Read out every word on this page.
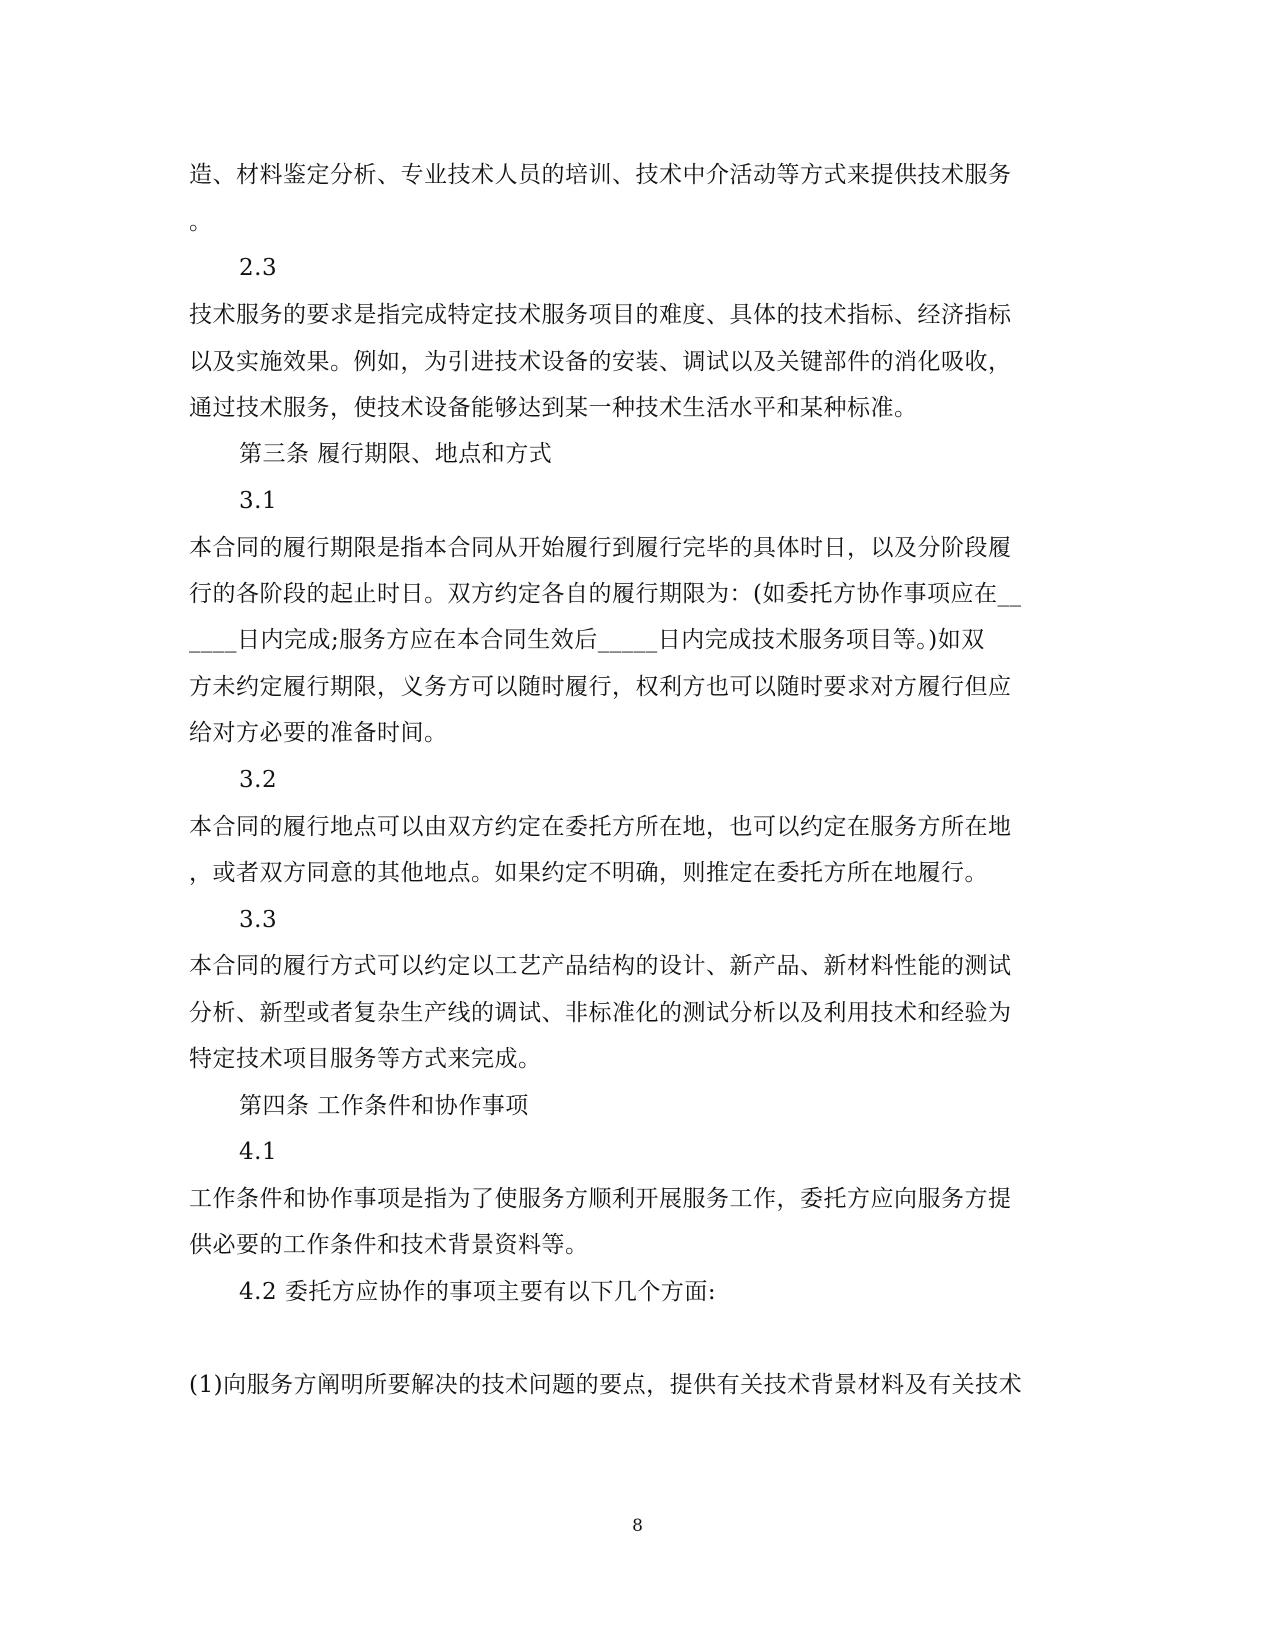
造、材料鉴定分析、专业技术人员的培训、技术中介活动等方式来提供技术服务
。
2.3
技术服务的要求是指完成特定技术服务项目的难度、具体的技术指标、经济指标
以及实施效果。例如，为引进技术设备的安装、调试以及关键部件的消化吸收，
通过技术服务，使技术设备能够达到某一种技术生活水平和某种标准。
第三条 履行期限、地点和方式
3.1
本合同的履行期限是指本合同从开始履行到履行完毕的具体时日，以及分阶段履
行的各阶段的起止时日。双方约定各自的履行期限为：(如委托方协作事项应在__
____日内完成;服务方应在本合同生效后_____日内完成技术服务项目等。)如双
方未约定履行期限，义务方可以随时履行，权利方也可以随时要求对方履行但应
给对方必要的准备时间。
3.2
本合同的履行地点可以由双方约定在委托方所在地，也可以约定在服务方所在地
，或者双方同意的其他地点。如果约定不明确，则推定在委托方所在地履行。
3.3
本合同的履行方式可以约定以工艺产品结构的设计、新产品、新材料性能的测试
分析、新型或者复杂生产线的调试、非标准化的测试分析以及利用技术和经验为
特定技术项目服务等方式来完成。
第四条 工作条件和协作事项
4.1
工作条件和协作事项是指为了使服务方顺利开展服务工作，委托方应向服务方提
供必要的工作条件和技术背景资料等。
4.2 委托方应协作的事项主要有以下几个方面:
(1)向服务方阐明所要解决的技术问题的要点，提供有关技术背景材料及有关技术
8
